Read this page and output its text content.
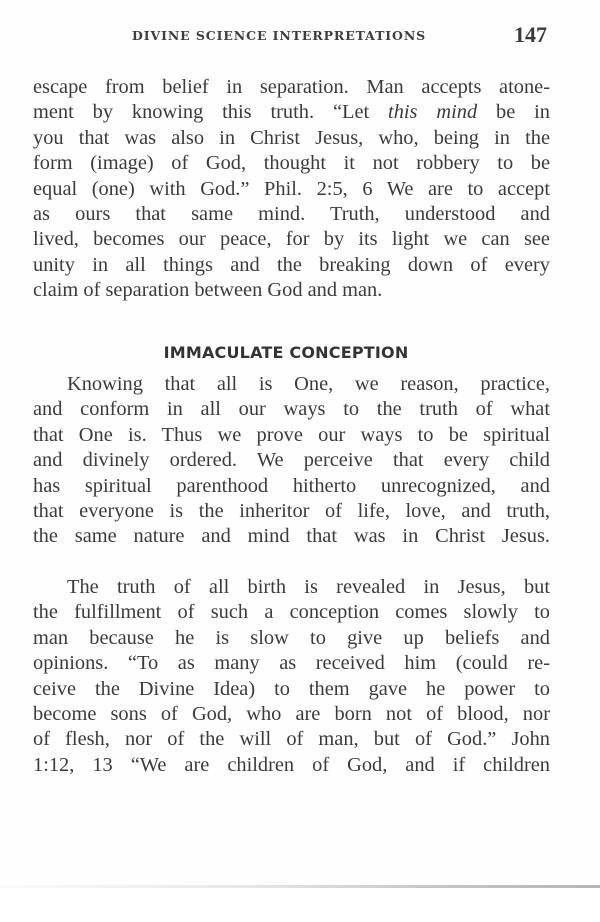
DIVINE SCIENCE INTERPRETATIONS	147
escape from belief in separation. Man accepts atone-
ment by knowing this truth. “Let this mind be in
you that was also in Christ Jesus, who, being in the
form (image) of God, thought it not robbery to be
equal (one) with God.” Phil. 2:5, 6 We are to accept
as ours that same mind. Truth, understood and
lived, becomes our peace, for by its light we can see
unity in all things and the breaking down of every
claim of separation between God and man.
IMMACULATE CONCEPTION
Knowing that all is One, we reason, practice,
and conform in all our ways to the truth of what
that One is. Thus we prove our ways to be spiritual
and divinely ordered. We perceive that every child
has spiritual parenthood hitherto unrecognized, and
that everyone is the inheritor of life, love, and truth,
the same nature and mind that was in Christ Jesus.
The truth of all birth is revealed in Jesus, but
the fulfillment of such a conception comes slowly to
man because he is slow to give up beliefs and
opinions. “To as many as received him (could re-
ceive the Divine Idea) to them gave he power to
become sons of God, who are born not of blood, nor
of flesh, nor of the will of man, but of God.” John
1:12, 13 “We are children of God, and if children
